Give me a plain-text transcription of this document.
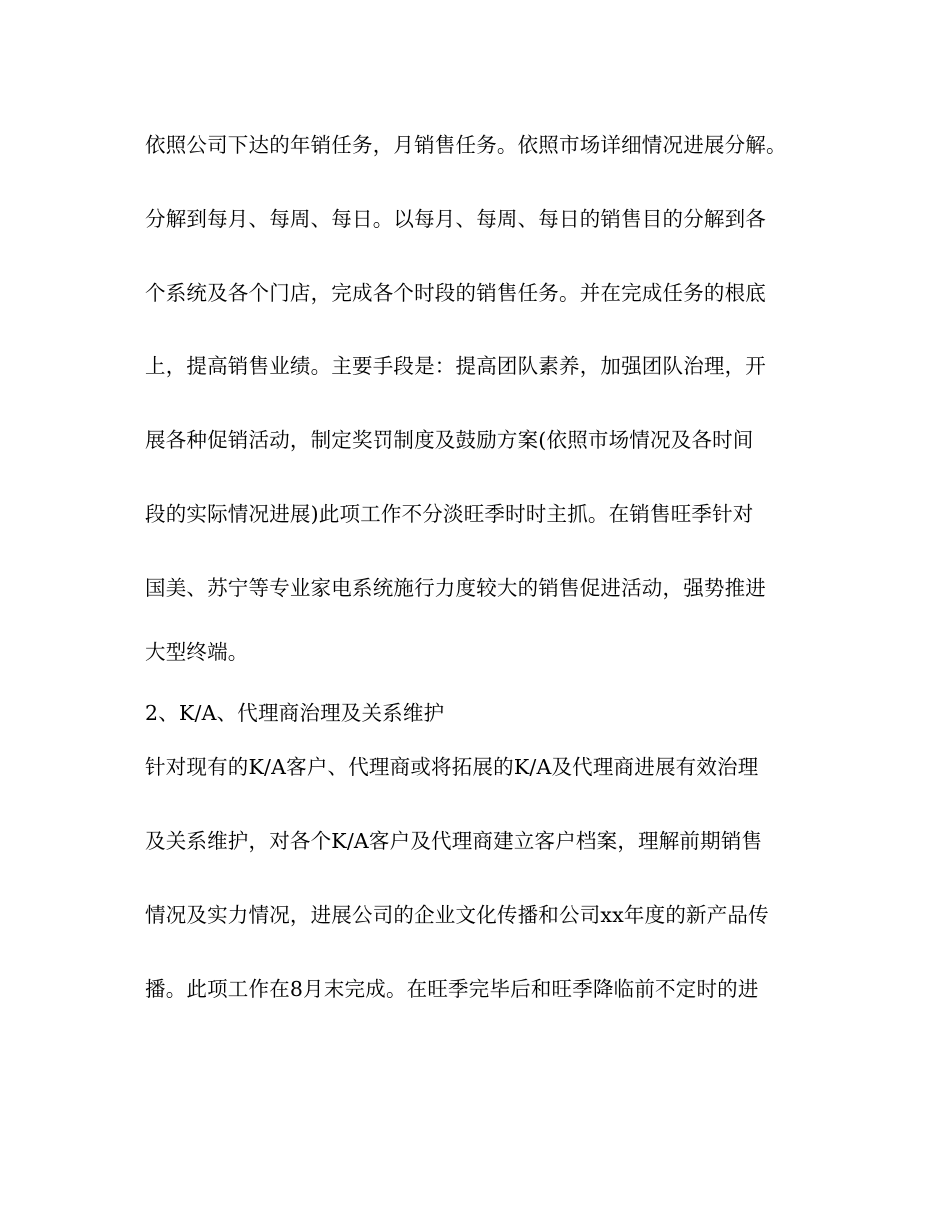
依照公司下达的年销任务，月销售任务。依照市场详细情况进展分解。

分解到每月、每周、每日。以每月、每周、每日的销售目的分解到各

个系统及各个门店，完成各个时段的销售任务。并在完成任务的根底

上，提高销售业绩。主要手段是：提高团队素养，加强团队治理，开

展各种促销活动，制定奖罚制度及鼓励方案(依照市场情况及各时间

段的实际情况进展)此项工作不分淡旺季时时主抓。在销售旺季针对

国美、苏宁等专业家电系统施行力度较大的销售促进活动，强势推进

大型终端。

2、K/A、代理商治理及关系维护

针对现有的K/A客户、代理商或将拓展的K/A及代理商进展有效治理

及关系维护，对各个K/A客户及代理商建立客户档案，理解前期销售

情况及实力情况，进展公司的企业文化传播和公司xx年度的新产品传

播。此项工作在8月末完成。在旺季完毕后和旺季降临前不定时的进
